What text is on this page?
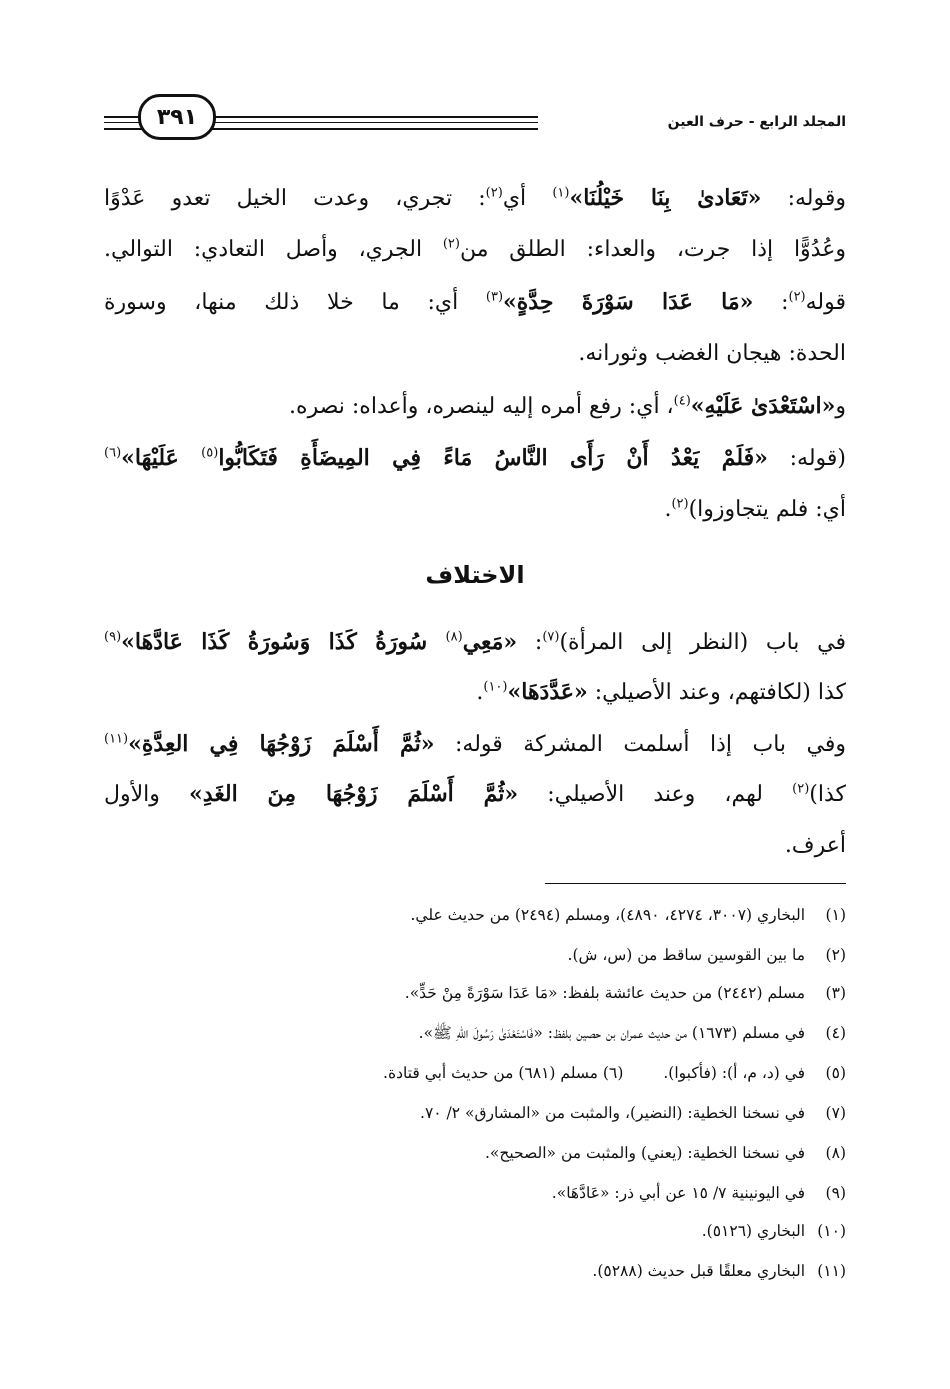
المجلد الرابع - حرف العين
٣٩١
وقوله: «تَعَادىٰ بِنَا خَيْلُنَا»$^{(١)}$ أي$^{(٢)}$: تجري، وعدت الخيل تعدو عَدْوًا
وعُدُوًّا إذا جرت، والعداء: الطلق من$^{(٢)}$ الجري، وأصل التعادي: التوالي.
قوله$^{(٢)}$: «مَا عَدَا سَوْرَةَ حِدَّةٍ»$^{(٣)}$ أي: ما خلا ذلك منها، وسورة
الحدة: هيجان الغضب وثورانه.
و«اسْتَعْدَىٰ عَلَيْهِ»$^{(٤)}$، أي: رفع أمره إليه لينصره، وأعداه: نصره.
(قوله: «فَلَمْ يَعْدُ أَنْ رَأَى النَّاسُ مَاءً فِي المِيضَأَةِ فَتَكَابُّوا$^{(٥)}$ عَلَيْهَا»$^{(٦)}$
أي: فلم يتجاوزوا)$^{(٢)}$.
الاختلاف
في باب (النظر إلى المرأة)$^{(٧)}$: «مَعِي$^{(٨)}$ سُورَةُ كَذَا وَسُورَةُ كَذَا عَادَّهَا»$^{(٩)}$
كذا (لكافتهم، وعند الأصيلي: «عَدَّدَهَا»$^{(١٠)}$.
وفي باب إذا أسلمت المشركة قوله: «ثُمَّ أَسْلَمَ زَوْجُهَا فِي العِدَّةِ»$^{(١١)}$
كذا)$^{(٢)}$ لهم، وعند الأصيلي: «ثُمَّ أَسْلَمَ زَوْجُهَا مِنَ الغَدِ» والأول
أعرف.
(١) البخاري (٣٠٠٧، ٤٢٧٤، ٤٨٩٠)، ومسلم (٢٤٩٤) من حديث علي.
(٢) ما بين القوسين ساقط من (س، ش).
(٣) مسلم (٢٤٤٢) من حديث عائشة بلفظ: «مَا عَدَا سَوْرَةً مِنْ حَدٍّ».
(٤) في مسلم (١٦٧٣) من حديث عمران بن حصين بلفظ: «فَاسْتَعْدَىٰ رَسُولَ اللهِ ﷺ».
(٥) في (د، م، أ): (فأكبوا).(٦) مسلم (٦٨١) من حديث أبي قتادة.
(٧) في نسخنا الخطية: (النضير)، والمثبت من «المشارق» ٢/ ٧٠.
(٨) في نسخنا الخطية: (يعني) والمثبت من «الصحيح».
(٩) في اليونينية ٧/ ١٥ عن أبي ذر: «عَادَّهَا».
(١٠) البخاري (٥١٢٦).
(١١) البخاري معلقًا قبل حديث (٥٢٨٨).
